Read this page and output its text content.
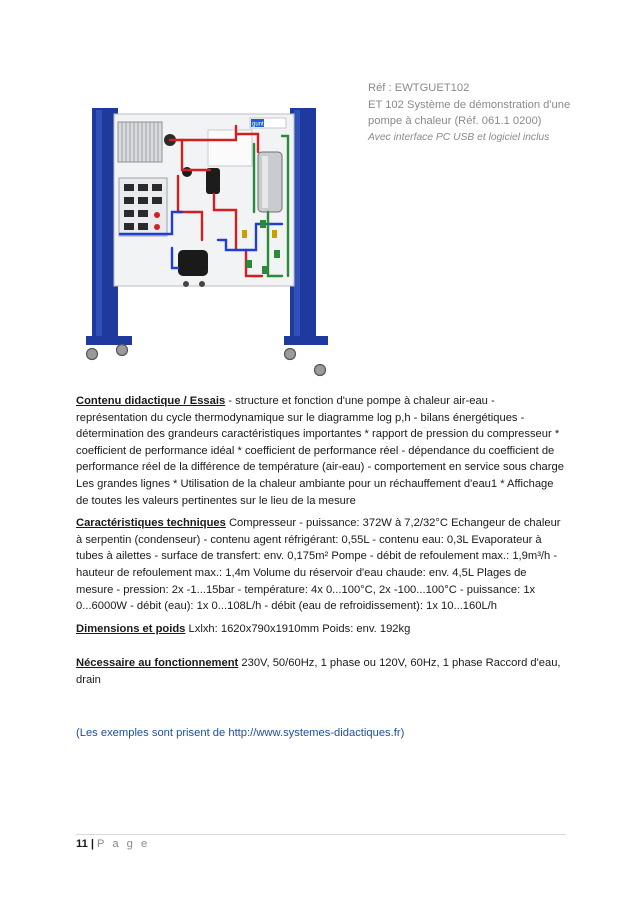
Réf : EWTGUET102
ET 102 Système de démonstration d'une
pompe à chaleur (Réf. 061.1 0200)
Avec interface PC USB et logiciel inclus
gunt

Contenu didactique / Essais - structure et fonction d'une pompe à chaleur air-eau - représentation du cycle thermodynamique sur le diagramme log p,h - bilans énergétiques - détermination des grandeurs caractéristiques importantes * rapport de pression du compresseur * coefficient de performance idéal * coefficient de performance réel - dépendance du coefficient de performance réel de la différence de température (air-eau) - comportement en service sous charge Les grandes lignes * Utilisation de la chaleur ambiante pour un réchauffement d'eau1 * Affichage de toutes les valeurs pertinentes sur le lieu de la mesure

Caractéristiques techniques Compresseur - puissance: 372W à 7,2/32°C Echangeur de chaleur à serpentin (condenseur) - contenu agent réfrigérant: 0,55L - contenu eau: 0,3L Evaporateur à tubes à ailettes - surface de transfert: env. 0,175m² Pompe - débit de refoulement max.: 1,9m³/h - hauteur de refoulement max.: 1,4m Volume du réservoir d'eau chaude: env. 4,5L Plages de mesure - pression: 2x -1...15bar - température: 4x 0...100°C, 2x -100...100°C - puissance: 1x 0...6000W - débit (eau): 1x 0...108L/h - débit (eau de refroidissement): 1x 10...160L/h

Dimensions et poids Lxlxh: 1620x790x1910mm Poids: env. 192kg

Nécessaire au fonctionnement 230V, 50/60Hz, 1 phase ou 120V, 60Hz, 1 phase Raccord d'eau, drain

(Les exemples sont prisent de http://www.systemes-didactiques.fr)

11 | P a g e
